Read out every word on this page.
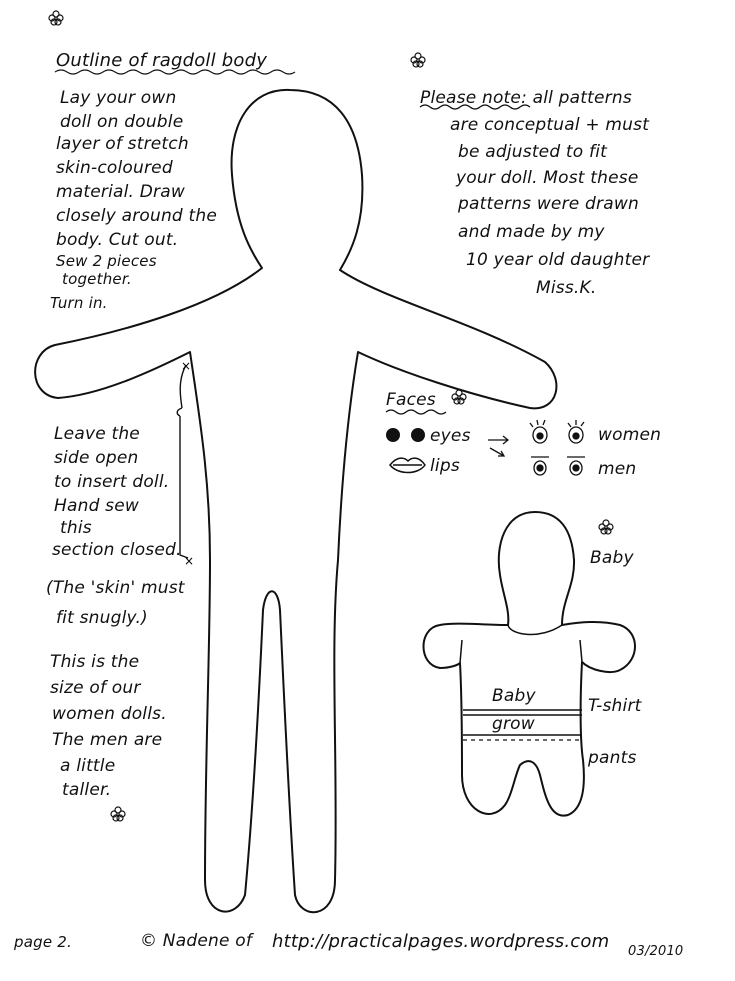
×
×
Outline of ragdoll body
Lay your own
doll on double
layer of stretch
skin-coloured
material. Draw
closely around the
body. Cut out.
Sew 2 pieces
together.
Turn in.
Please note: all patterns
are conceptual + must
be adjusted to fit
your doll. Most these
patterns were drawn
and made by my
10 year old daughter
Miss.K.
Leave the
side open
to insert doll.
Hand sew
this
section closed.
(The 'skin' must
fit snugly.)
This is the
size of our
women dolls.
The men are
a little
taller.
Faces
eyes
lips
women
men
Baby
Baby
grow
T-shirt
pants
page 2.	© Nadene of http://practicalpages.wordpress.com 03/2010
